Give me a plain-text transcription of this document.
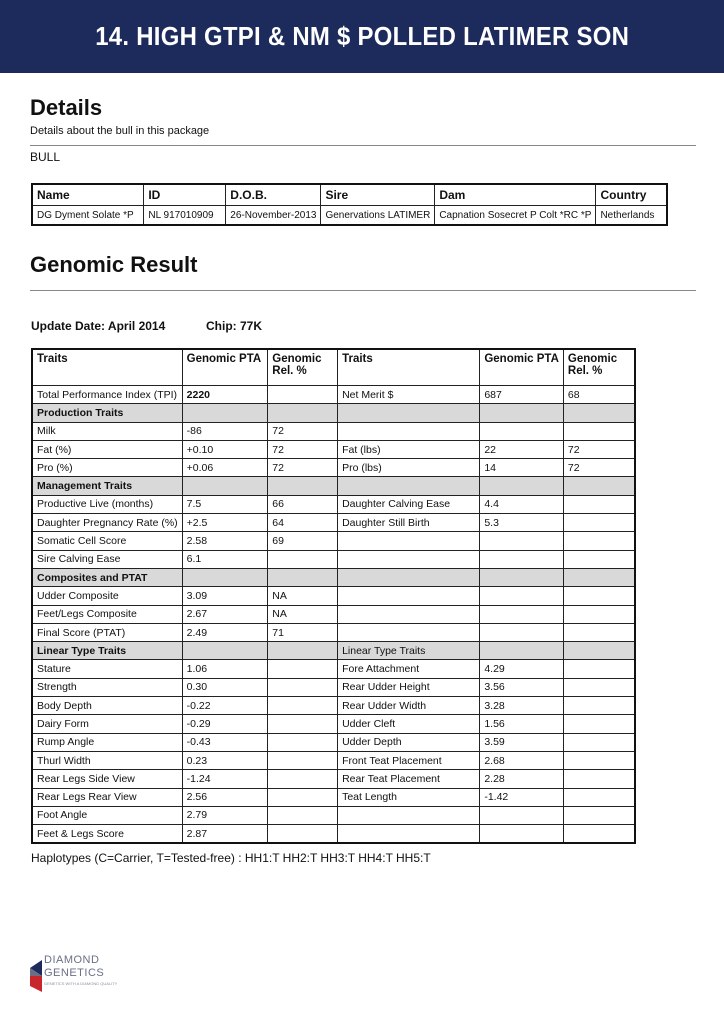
14. HIGH GTPI & NM $ POLLED LATIMER SON
Details
Details about the bull in this package
BULL
Name	ID	D.O.B.	Sire	Dam	Country
DG Dyment Solate *P	NL 917010909	26-November-2013	Genervations LATIMER	Capnation Sosecret P Colt *RC *P	Netherlands
Genomic Result
Update Date: April 2014	Chip: 77K
Traits	Genomic PTA	Genomic Rel. %	Traits	Genomic PTA	Genomic Rel. %
Total Performance Index (TPI)	2220		Net Merit $	687	68
Production Traits					
Milk	-86	72			
Fat (%)	+0.10	72	Fat (lbs)	22	72
Pro (%)	+0.06	72	Pro (lbs)	14	72
Management Traits					
Productive Live (months)	7.5	66	Daughter Calving Ease	4.4	
Daughter Pregnancy Rate (%)	+2.5	64	Daughter Still Birth	5.3	
Somatic Cell Score	2.58	69			
Sire Calving Ease	6.1				
Composites and PTAT					
Udder Composite	3.09	NA			
Feet/Legs Composite	2.67	NA			
Final Score (PTAT)	2.49	71			
Linear Type Traits			Linear Type Traits		
Stature	1.06		Fore Attachment	4.29	
Strength	0.30		Rear Udder Height	3.56	
Body Depth	-0.22		Rear Udder Width	3.28	
Dairy Form	-0.29		Udder Cleft	1.56	
Rump Angle	-0.43		Udder Depth	3.59	
Thurl Width	0.23		Front Teat Placement	2.68	
Rear Legs Side View	-1.24		Rear Teat Placement	2.28	
Rear Legs Rear View	2.56		Teat Length	-1.42	
Foot Angle	2.79				
Feet & Legs Score	2.87				
Haplotypes (C=Carrier, T=Tested-free) : HH1:T HH2:T HH3:T HH4:T HH5:T
DIAMOND
GENETICS
GENETICS WITH A DIAMOND QUALITY
